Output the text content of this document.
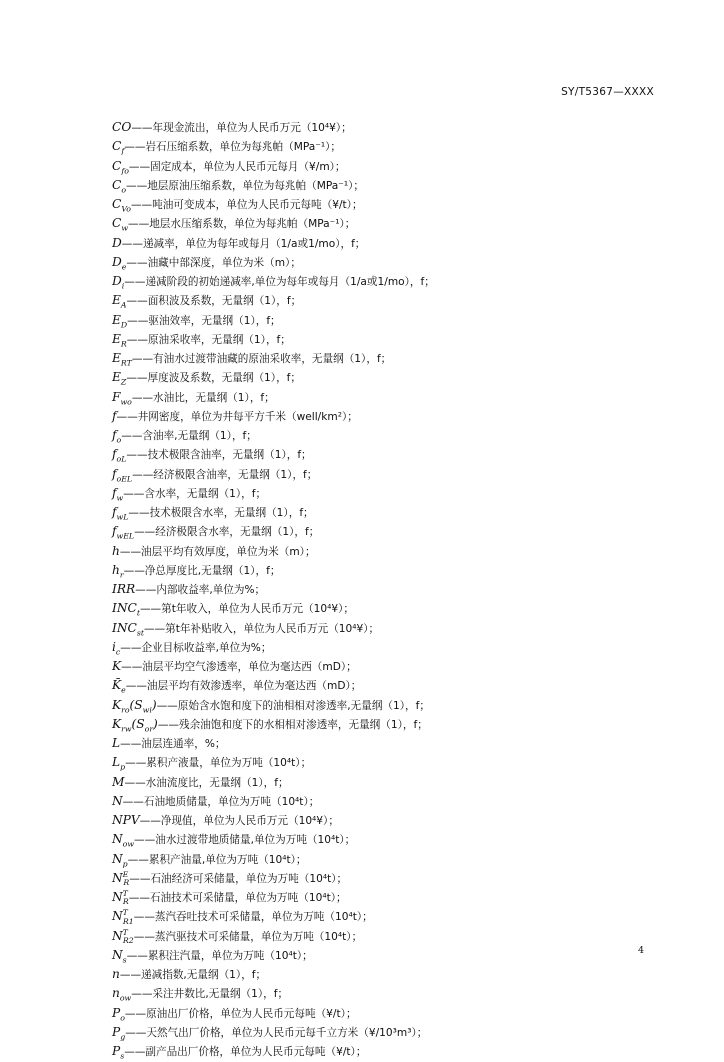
SY/T5367—XXXX
CO——年现金流出，单位为人民币万元（10⁴¥）；
$C_f——$岩石压缩系数，单位为每兆帕（MPa⁻¹）；
$C_{fo}——$固定成本，单位为人民币元每月（¥/m）；
$C_o——$地层原油压缩系数，单位为每兆帕（MPa⁻¹）；
$C_{Vo}——$吨油可变成本，单位为人民币元每吨（¥/t）；
$C_w——$地层水压缩系数，单位为每兆帕（MPa⁻¹）；
D——递减率，单位为每年或每月（1/a或1/mo），f；
$D_e——$油藏中部深度，单位为米（m）；
$D_i——$递减阶段的初始递减率,单位为每年或每月（1/a或1/mo），f；
$E_A——$面积波及系数，无量纲（1），f；
$E_D——$驱油效率，无量纲（1），f；
$E_R——$原油采收率，无量纲（1），f；
$E_{RT}——$有油水过渡带油藏的原油采收率，无量纲（1），f；
$E_Z——$厚度波及系数，无量纲（1），f；
$F_{wo}——$水油比，无量纲（1），f；
f——井网密度，单位为井每平方千米（well/km²）；
$f_o——$含油率,无量纲（1），f；
$f_{oL}——$技术极限含油率，无量纲（1），f；
$f_{oEL}——$经济极限含油率，无量纲（1），f；
$f_w——$含水率，无量纲（1），f；
$f_{wL}——$技术极限含水率，无量纲（1），f；
$f_{wEL}——$经济极限含水率，无量纲（1），f；
h——油层平均有效厚度，单位为米（m）；
$h_r——$净总厚度比,无量纲（1），f；
IRR——内部收益率,单位为%；
$INC_t——$第t年收入，单位为人民币万元（10⁴¥）；
$INC_{st}——$第t年补贴收入，单位为人民币万元（10⁴¥）；
$i_c——$企业目标收益率,单位为%；
K——油层平均空气渗透率，单位为毫达西（mD）；
$K̄_e——$油层平均有效渗透率，单位为毫达西（mD）；
$K_{ro}(S_{wi})——$原始含水饱和度下的油相相对渗透率,无量纲（1），f；
$K_{rw}(S_{or})——$残余油饱和度下的水相相对渗透率，无量纲（1），f；
L——油层连通率，%；
$L_p——$累积产液量，单位为万吨（10⁴t）；
M——水油流度比，无量纲（1），f；
N——石油地质储量，单位为万吨（10⁴t）；
NPV——净现值，单位为人民币万元（10⁴¥）；
$N_{ow}——$油水过渡带地质储量,单位为万吨（10⁴t）；
$N_p——$累积产油量,单位为万吨（10⁴t）；
$N^E_R——$石油经济可采储量，单位为万吨（10⁴t）；
$N^T_R——$石油技术可采储量，单位为万吨（10⁴t）；
$N^T_{R1}——$蒸汽吞吐技术可采储量，单位为万吨（10⁴t）；
$N^T_{R2}——$蒸汽驱技术可采储量，单位为万吨（10⁴t）；
$N_s——$累积注汽量，单位为万吨（10⁴t）；
n——递减指数,无量纲（1），f；
$n_{ow}——$采注井数比,无量纲（1），f；
$P_o——$原油出厂价格，单位为人民币元每吨（¥/t）；
$P_g——$天然气出厂价格，单位为人民币元每千立方米（¥/10³m³）；
$P_s——$副产品出厂价格，单位为人民币元每吨（¥/t）；
4
